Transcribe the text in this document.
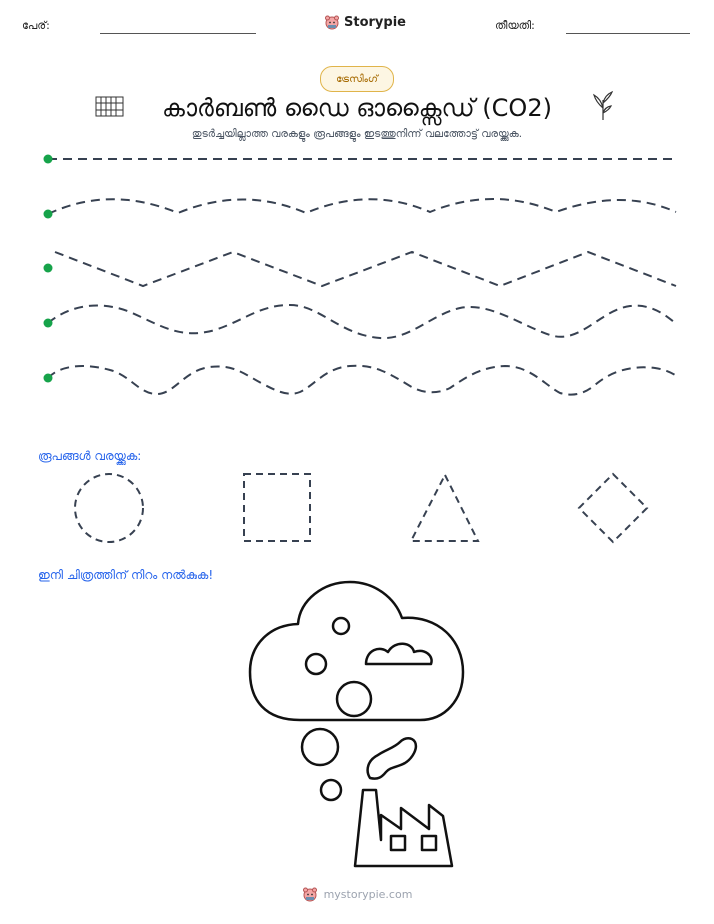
പേര്:	Storypie	തീയതി:
ട്രേസിംഗ്
കാർബൺ ഡൈ ഓക്സൈഡ് (CO2)
തുടർച്ചയില്ലാത്ത വരകളും രൂപങ്ങളും ഇടത്തുനിന്ന് വലത്തോട്ട് വരയ്ക്കുക.
രൂപങ്ങൾ വരയ്ക്കുക:
ഇനി ചിത്രത്തിന് നിറം നൽകുക!
mystorypie.com
